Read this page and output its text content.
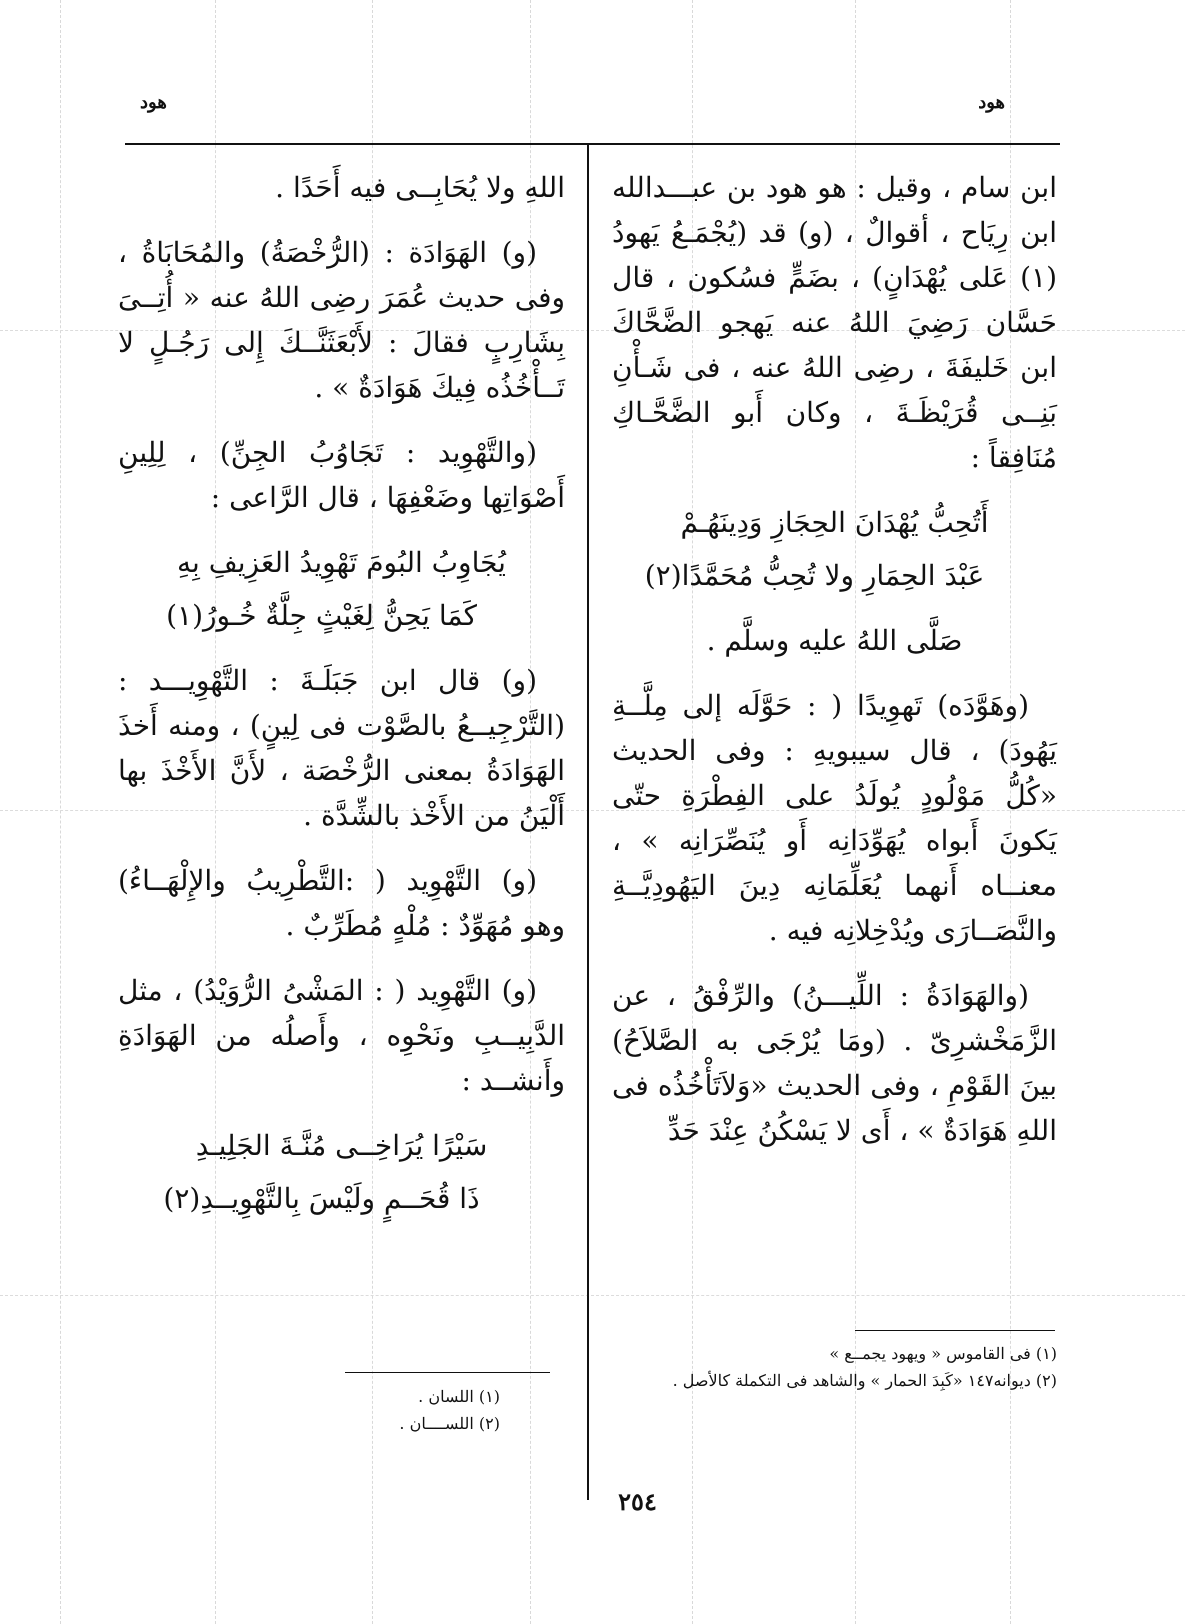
هود	هود

ابن سام ، وقيل : هو هود بن عبـــدالله ابن رِيَاح ، أقوالٌ ، (و) قد (يُجْمَـعُ يَهودُ (١) عَلى يُهْدَانٍ) ، بضَمٍّ فسُكون ، قال حَسَّان رَضِيَ اللهُ عنه يَهجو الضَّحَّاكَ ابن خَليفَةَ ، رضِى اللهُ عنه ، فى شَـأْنِ بَنِــى قُرَيْظَـةَ ، وكان أَبو الضَّحَّـاكِ مُنَافِقاً :

أَتُحِبُّ يُهْدَانَ الحِجَازِ وَدِينَهُـمْ

عَبْدَ الحِمَارِ ولا تُحِبُّ مُحَمَّدًا(٢)

صَلَّى اللهُ عليه وسلَّم .

(وهَوَّدَه) تَهوِيدًا ( : حَوَّلَه إلى مِلَّــةِ يَهُودَ) ، قال سيبويهِ : وفى الحديث «كُلُّ مَوْلُودٍ يُولَدُ على الفِطْرَةِ حتّى يَكونَ أَبواه يُهَوِّدَانِه أَو يُنَصِّرَانِه » ، معنــاه أَنهما يُعَلِّمَانِه دِينَ اليَهُودِيَّــةِ والنَّصَــارَى ويُدْخِلانِه فيه .

(والهَوَادَةُ : اللِّيـــنُ) والرِّفْقُ ، عن الزَّمَخْشرِىّ . (ومَا يُرْجَى به الصَّلاَحُ) بينَ القَوْمِ ، وفى الحديث «وَلاَتَأْخُذُه فى اللهِ هَوَادَةٌ » ، أَى لا يَسْكُنُ عِنْدَ حَدِّ

اللهِ ولا يُحَابِــى فيه أَحَدًا .

(و) الهَوَادَة : (الرُّخْصَةُ) والمُحَابَاةُ ، وفى حديث عُمَرَ رضِى اللهُ عنه « أُتِــىَ بِشَارِبٍ فقالَ : لأَبْعَثَنَّــكَ إِلى رَجُـلٍ لا تَــأْخُذُه فِيكَ هَوَادَةٌ » .

(والتَّهْوِيد : تَجَاوُبُ الجِنِّ) ، لِلِينِ أَصْوَاتِها وضَعْفِهَا ، قال الرَّاعى :

يُجَاوِبُ البُومَ تَهْوِيدُ العَزِيفِ بِهِ

كَمَا يَحِنُّ لِغَيْثٍ جِلَّةٌ خُـورُ(١)

(و) قال ابن جَبَلَـةَ : التَّهْوِيـــد : (التَّرْجِيــعُ بالصَّوْت فى لِينٍ) ، ومنه أَخذَ الهَوَادَةُ بمعنى الرُّخْصَة ، لأَنَّ الأَخْذَ بها أَلْيَنُ من الأَخْذ بالشِّدَّة .

(و) التَّهْوِيد ( :التَّطْرِيبُ والإِلْهَــاءُ) وهو مُهَوِّدٌ : مُلْهٍ مُطَرِّبٌ .

(و) التَّهْوِيد ( : المَشْىُ الرُّوَيْدُ) ، مثل الدَّبِيــبِ ونَحْوِه ، وأَصلُه من الهَوَادَةِ وأَنشــد :

سَيْرًا يُرَاخِــى مُنَّـةَ الجَلِيـدِ

ذَا قُحَــمٍ ولَيْسَ بِالتَّهْوِيــدِ(٢)

(١) فى القاموس « ويهود يجمــع »
(٢) ديوانه١٤٧ «كَبِدَ الحمار » والشاهد فى التكملة كالأصل .
(١) اللسان .
(٢) اللســــان .
٢٥٤
